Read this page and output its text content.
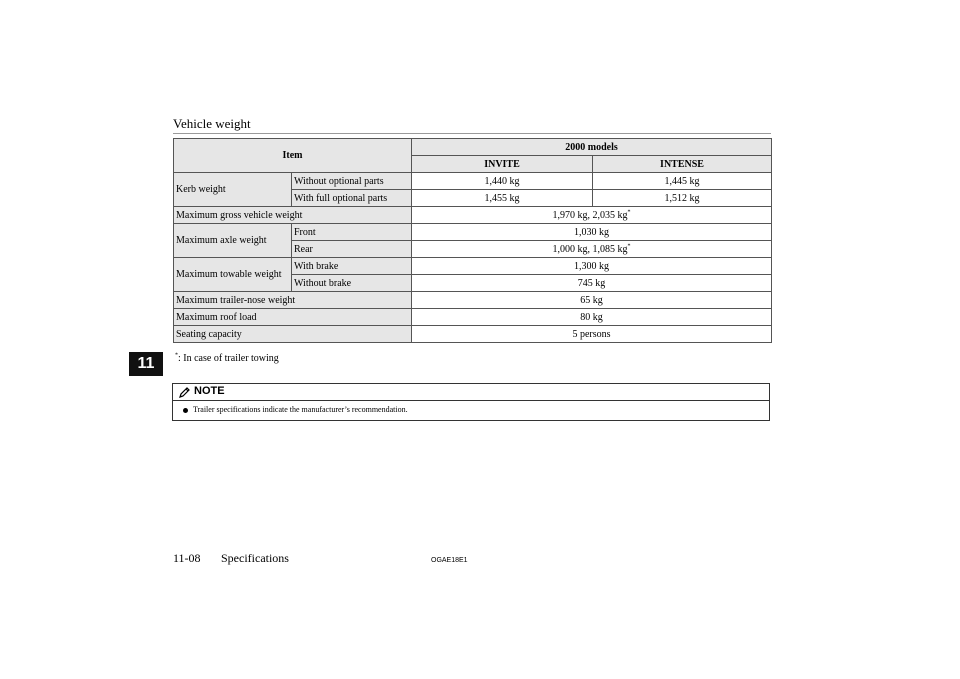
Vehicle weight
Item		2000 models	
		INVITE	INTENSE
Kerb weight	Without optional parts	1,440 kg	1,445 kg
	With full optional parts	1,455 kg	1,512 kg
Maximum gross vehicle weight		1,970 kg, 2,035 kg*
Maximum axle weight	Front	1,030 kg	
	Rear	1,000 kg, 1,085 kg*
Maximum towable weight	With brake	1,300 kg	
	Without brake	745 kg	
Maximum trailer-nose weight		65 kg	
Maximum roof load		80 kg	
Seating capacity		5 persons	
11	*: In case of trailer towing
NOTE
Trailer specifications indicate the manufacturer’s recommendation.
11-08 Specifications	OGAE18E1
